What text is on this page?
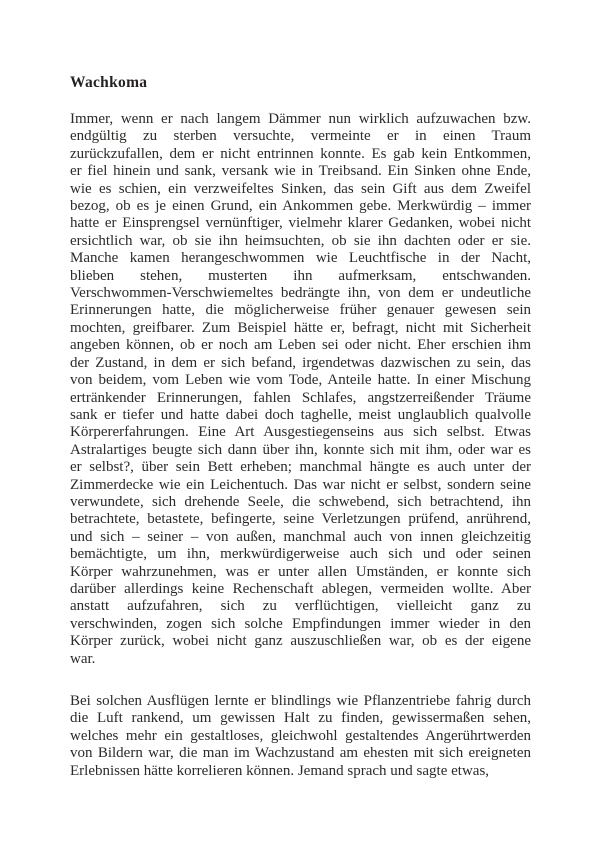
Wachkoma
Immer, wenn er nach langem Dämmer nun wirklich aufzuwachen bzw.
endgültig zu sterben versuchte, vermeinte er in einen Traum
zurückzufallen, dem er nicht entrinnen konnte. Es gab kein Entkommen,
er fiel hinein und sank, versank wie in Treibsand. Ein Sinken ohne Ende,
wie es schien, ein verzweifeltes Sinken, das sein Gift aus dem Zweifel
bezog, ob es je einen Grund, ein Ankommen gebe. Merkwürdig – immer
hatte er Einsprengsel vernünftiger, vielmehr klarer Gedanken, wobei nicht
ersichtlich war, ob sie ihn heimsuchten, ob sie ihn dachten oder er sie.
Manche kamen herangeschwommen wie Leuchtfische in der Nacht,
blieben stehen, musterten ihn aufmerksam, entschwanden.
Verschwommen-Verschwiemeltes bedrängte ihn, von dem er undeutliche
Erinnerungen hatte, die möglicherweise früher genauer gewesen sein
mochten, greifbarer. Zum Beispiel hätte er, befragt, nicht mit Sicherheit
angeben können, ob er noch am Leben sei oder nicht. Eher erschien ihm
der Zustand, in dem er sich befand, irgendetwas dazwischen zu sein, das
von beidem, vom Leben wie vom Tode, Anteile hatte. In einer Mischung
ertränkender Erinnerungen, fahlen Schlafes, angstzerreißender Träume
sank er tiefer und hatte dabei doch taghelle, meist unglaublich qualvolle
Körpererfahrungen. Eine Art Ausgestiegenseins aus sich selbst. Etwas
Astralartiges beugte sich dann über ihn, konnte sich mit ihm, oder war es
er selbst?, über sein Bett erheben; manchmal hängte es auch unter der
Zimmerdecke wie ein Leichentuch. Das war nicht er selbst, sondern seine
verwundete, sich drehende Seele, die schwebend, sich betrachtend, ihn
betrachtete, betastete, befingerte, seine Verletzungen prüfend, anrührend,
und sich – seiner – von außen, manchmal auch von innen gleichzeitig
bemächtigte, um ihn, merkwürdigerweise auch sich und oder seinen
Körper wahrzunehmen, was er unter allen Umständen, er konnte sich
darüber allerdings keine Rechenschaft ablegen, vermeiden wollte. Aber
anstatt aufzufahren, sich zu verflüchtigen, vielleicht ganz zu
verschwinden, zogen sich solche Empfindungen immer wieder in den
Körper zurück, wobei nicht ganz auszuschließen war, ob es der eigene
war.
Bei solchen Ausflügen lernte er blindlings wie Pflanzentriebe fahrig durch
die Luft rankend, um gewissen Halt zu finden, gewissermaßen sehen,
welches mehr ein gestaltloses, gleichwohl gestaltendes Angerührtwerden
von Bildern war, die man im Wachzustand am ehesten mit sich ereigneten
Erlebnissen hätte korrelieren können. Jemand sprach und sagte etwas,
